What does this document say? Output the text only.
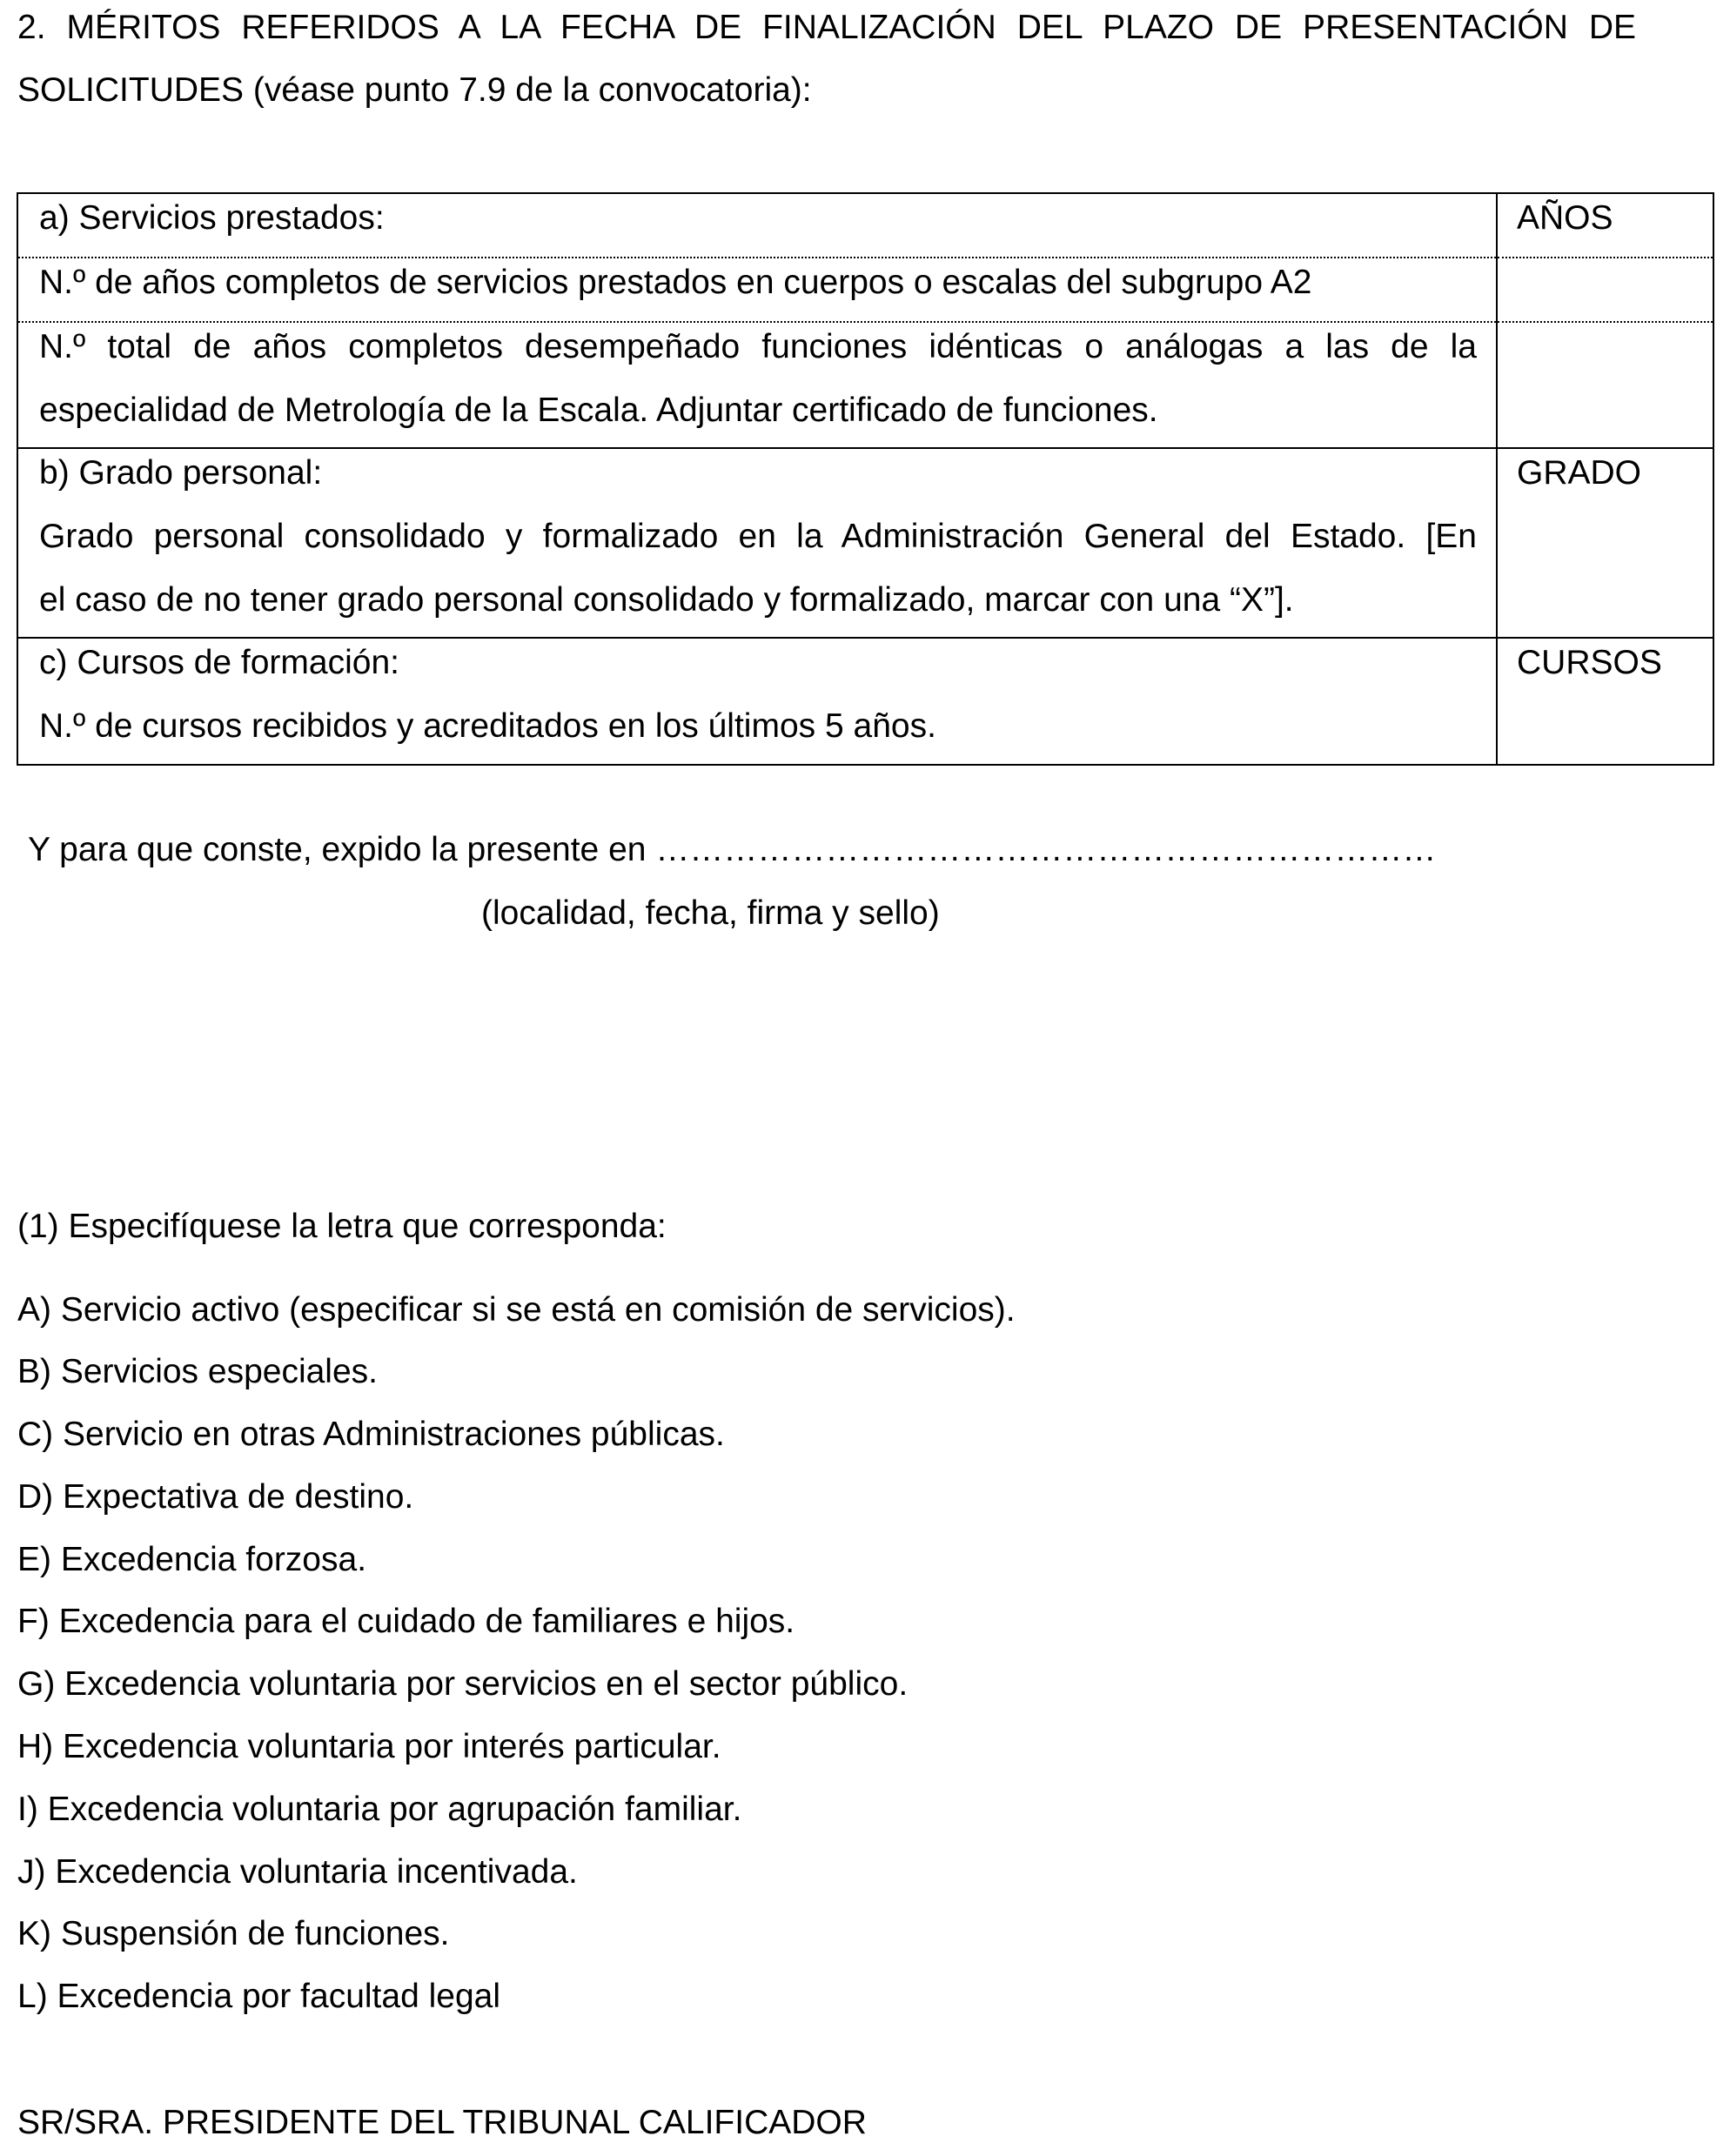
2. MÉRITOS REFERIDOS A LA FECHA DE FINALIZACIÓN DEL PLAZO DE PRESENTACIÓN DE
SOLICITUDES (véase punto 7.9 de la convocatoria):
a) Servicios prestados:	AÑOS

N.º de años completos de servicios prestados en cuerpos o escalas del subgrupo A2	

N.º total de años completos desempeñado funciones idénticas o análogas a las de la
especialidad de Metrología de la Escala. Adjuntar certificado de funciones.	

b) Grado personal:
Grado personal consolidado y formalizado en la Administración General del Estado. [En
el caso de no tener grado personal consolidado y formalizado, marcar con una “X”].	GRADO

c) Cursos de formación:
N.º de cursos recibidos y acreditados en los últimos 5 años.	CURSOS
Y para que conste, expido la presente en ……………………………………………………………
(localidad, fecha, firma y sello)
(1) Especifíquese la letra que corresponda:
A) Servicio activo (especificar si se está en comisión de servicios).
B) Servicios especiales.
C) Servicio en otras Administraciones públicas.
D) Expectativa de destino.
E) Excedencia forzosa.
F) Excedencia para el cuidado de familiares e hijos.
G) Excedencia voluntaria por servicios en el sector público.
H) Excedencia voluntaria por interés particular.
I) Excedencia voluntaria por agrupación familiar.
J) Excedencia voluntaria incentivada.
K) Suspensión de funciones.
L) Excedencia por facultad legal
SR/SRA. PRESIDENTE DEL TRIBUNAL CALIFICADOR
